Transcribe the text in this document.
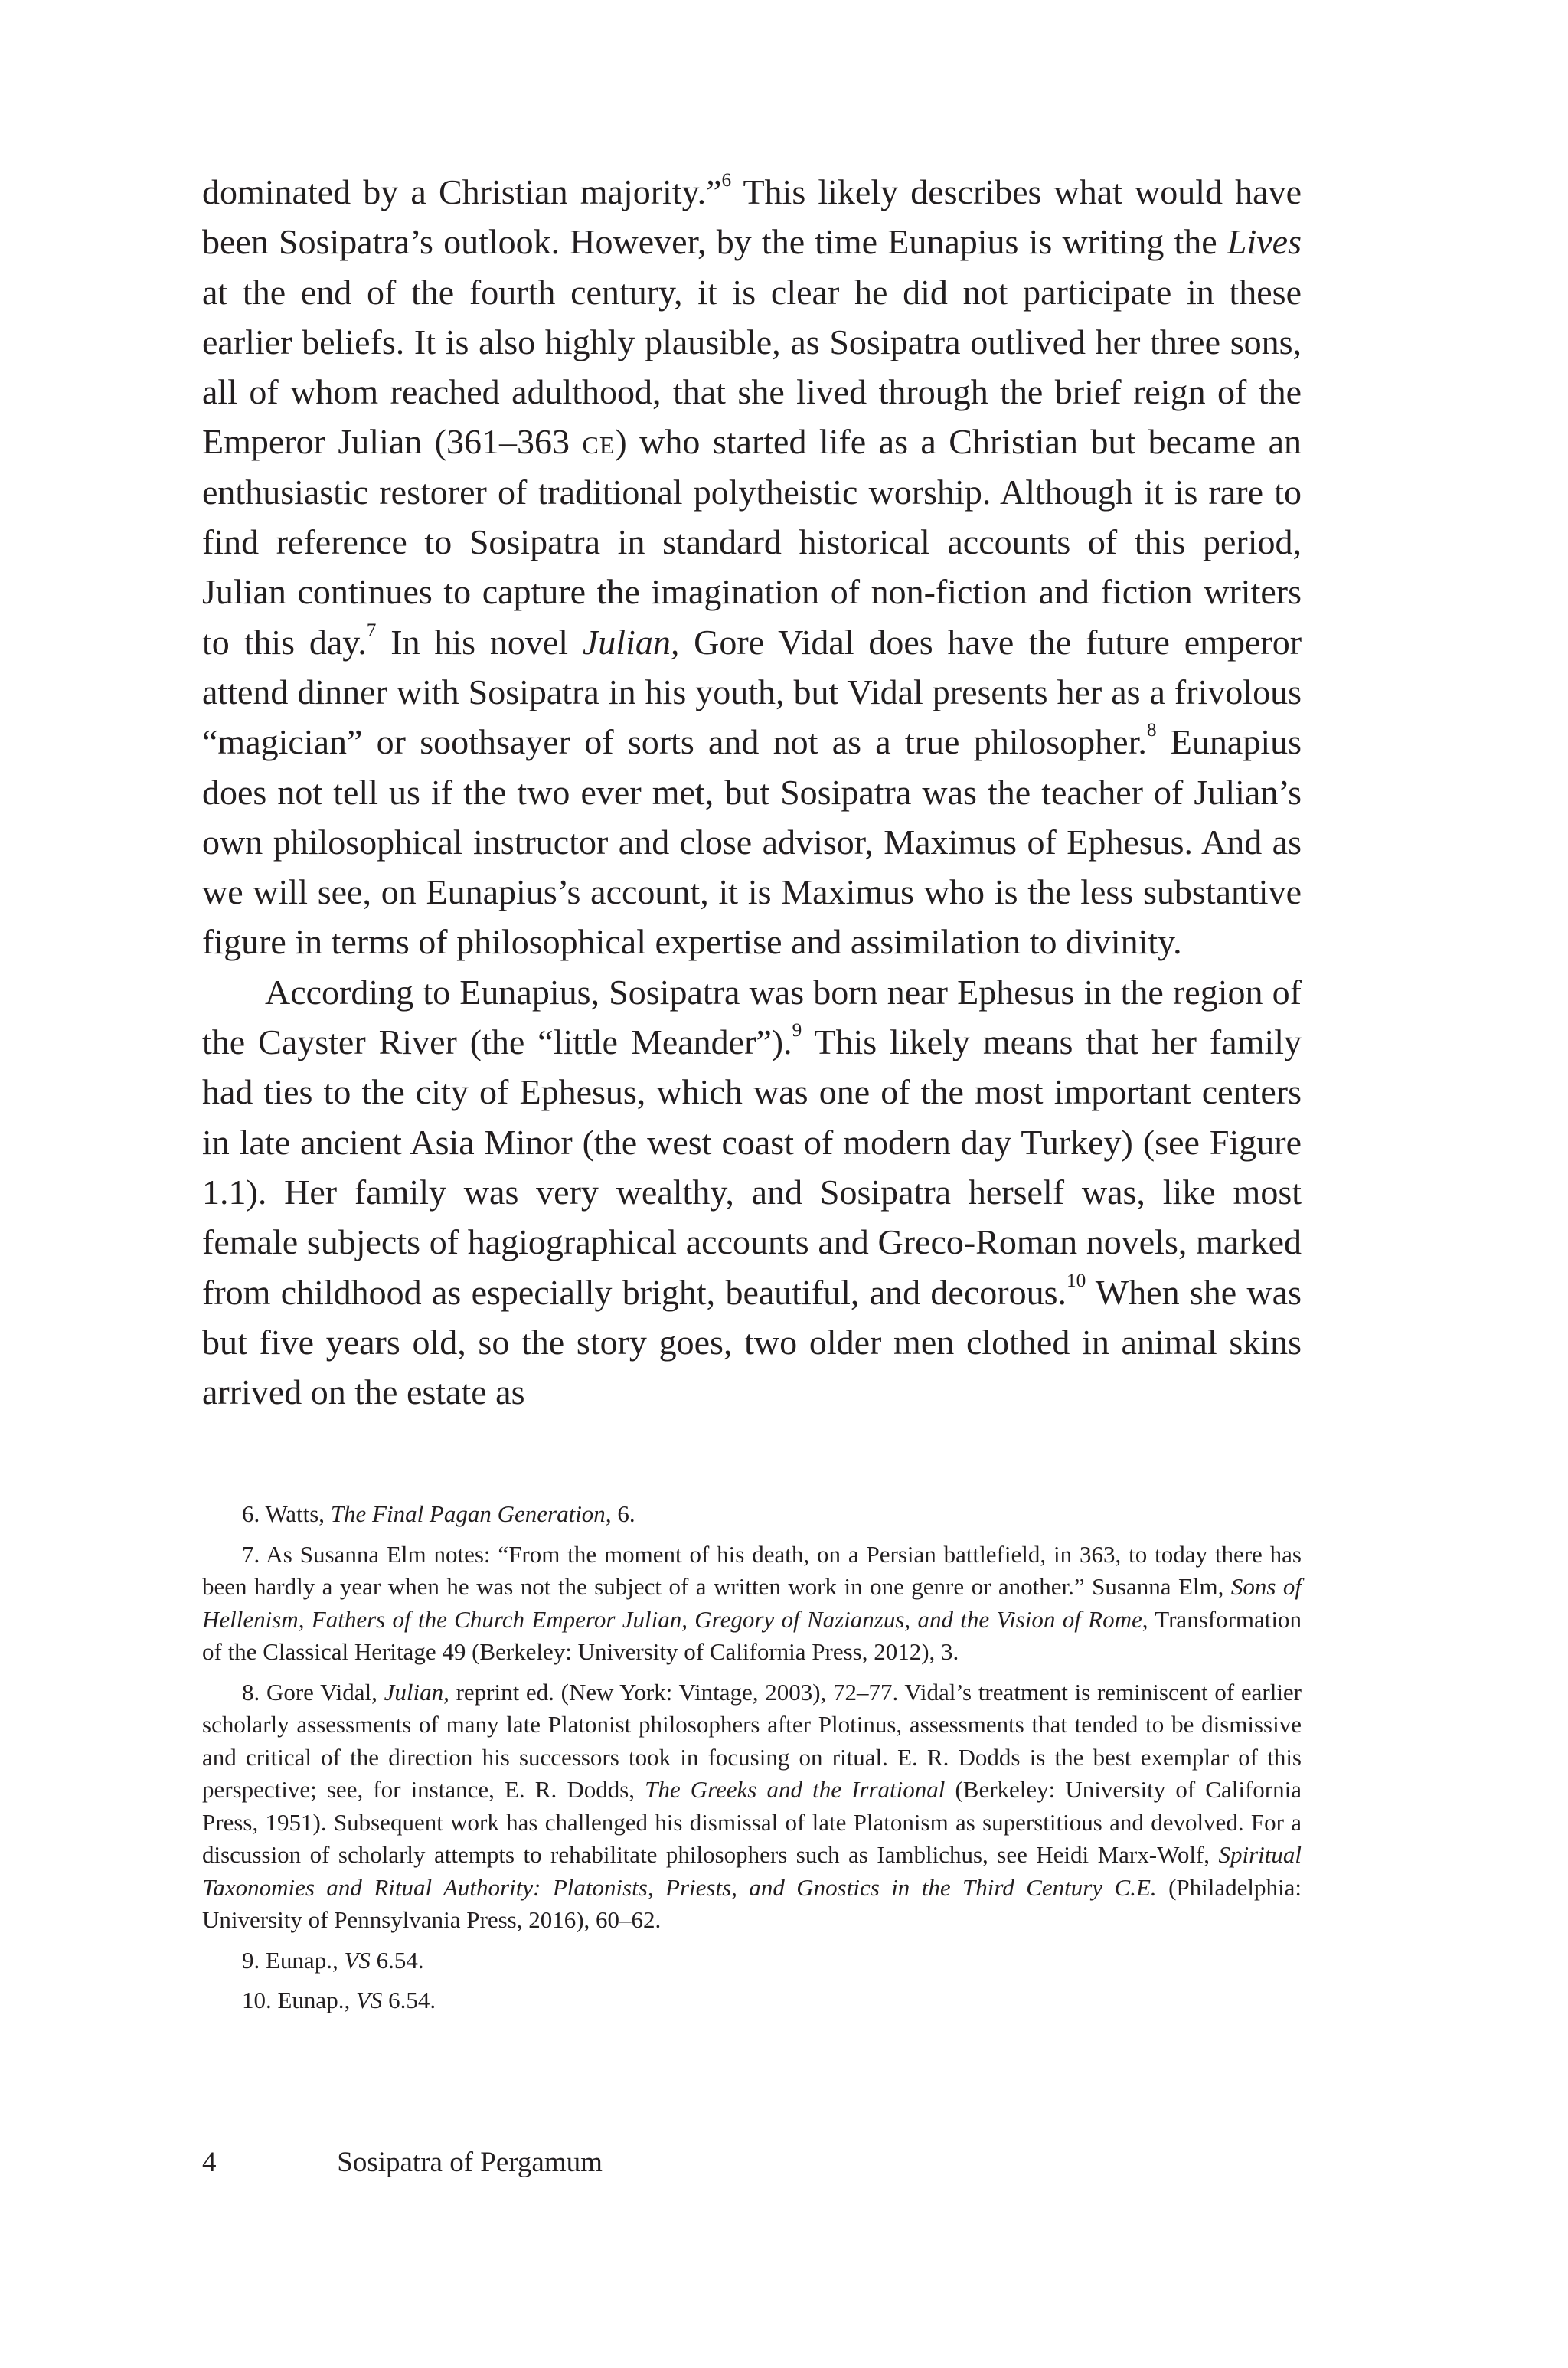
dominated by a Christian majority.”$^6$ This likely describes what would have been Sosipatra’s outlook. However, by the time Eunapius is writing the Lives at the end of the fourth century, it is clear he did not participate in these earlier beliefs. It is also highly plausible, as Sosipatra outlived her three sons, all of whom reached adulthood, that she lived through the brief reign of the Emperor Julian (361–363 ce) who started life as a Christian but became an enthusiastic restorer of traditional polytheistic worship. Although it is rare to find reference to Sosipatra in standard historical accounts of this period, Julian continues to capture the imagination of non-fiction and fiction writers to this day.$^7$ In his novel Julian, Gore Vidal does have the future emperor attend dinner with Sosipatra in his youth, but Vidal presents her as a frivolous “magician” or soothsayer of sorts and not as a true philosopher.$^8$ Eunapius does not tell us if the two ever met, but Sosipatra was the teacher of Julian’s own philosophical instructor and close advisor, Maximus of Ephesus. And as we will see, on Eunapius’s account, it is Maximus who is the less substantive figure in terms of philosophical expertise and assimilation to divinity.

According to Eunapius, Sosipatra was born near Ephesus in the region of the Cayster River (the “little Meander”).$^9$ This likely means that her family had ties to the city of Ephesus, which was one of the most important centers in late ancient Asia Minor (the west coast of modern day Turkey) (see Figure 1.1). Her family was very wealthy, and Sosipatra herself was, like most female subjects of hagiographical accounts and Greco-Roman novels, marked from childhood as especially bright, beautiful, and decorous.$^{10}$ When she was but five years old, so the story goes, two older men clothed in animal skins arrived on the estate as

6. Watts, The Final Pagan Generation, 6.

7. As Susanna Elm notes: “From the moment of his death, on a Persian battlefield, in 363, to today there has been hardly a year when he was not the subject of a written work in one genre or another.” Susanna Elm, Sons of Hellenism, Fathers of the Church Emperor Julian, Gregory of Nazianzus, and the Vision of Rome, Transformation of the Classical Heritage 49 (Berkeley: University of California Press, 2012), 3.

8. Gore Vidal, Julian, reprint ed. (New York: Vintage, 2003), 72–77. Vidal’s treatment is reminiscent of earlier scholarly assessments of many late Platonist philosophers after Plotinus, assessments that tended to be dismissive and critical of the direction his successors took in focusing on ritual. E. R. Dodds is the best exemplar of this perspective; see, for instance, E. R. Dodds, The Greeks and the Irrational (Berkeley: University of California Press, 1951). Subsequent work has challenged his dismissal of late Platonism as superstitious and devolved. For a discussion of scholarly attempts to rehabilitate philosophers such as Iamblichus, see Heidi Marx-Wolf, Spiritual Taxonomies and Ritual Authority: Platonists, Priests, and Gnostics in the Third Century C.E. (Philadelphia: University of Pennsylvania Press, 2016), 60–62.

9. Eunap., VS 6.54.

10. Eunap., VS 6.54.

4	Sosipatra of Pergamum
